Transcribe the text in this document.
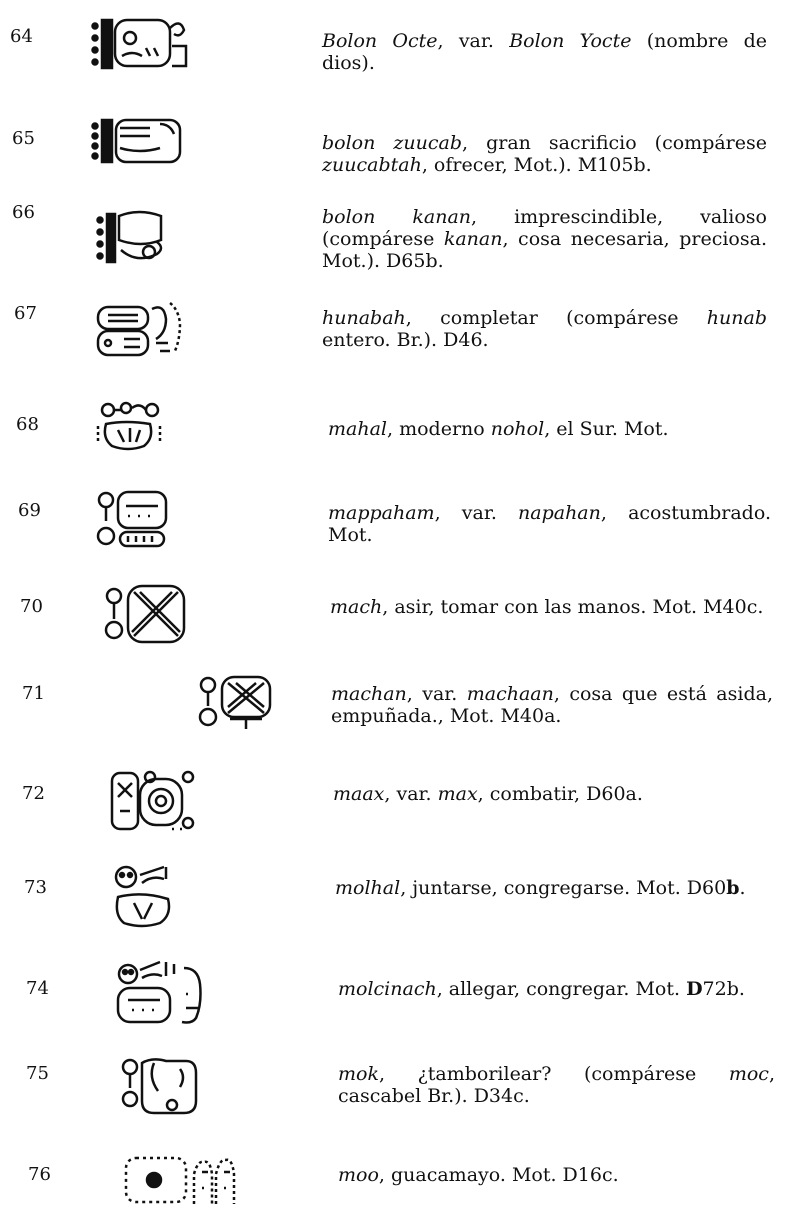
64	Bolon Octe, var. Bolon Yocte (nombre de dios).
65	bolon zuucab, gran sacrificio (compárese zuucabtah, ofrecer, Mot.). M105b.
66	bolon kanan, imprescindible, valioso (compárese kanan, cosa necesaria, preciosa. Mot.). D65b.
67	hunabah, completar (compárese hunab entero. Br.). D46.
68	mahal, moderno nohol, el Sur. Mot.
69	mappaham, var. napahan, acostumbrado. Mot.
70	mach, asir, tomar con las manos. Mot. M40c.
71	machan, var. machaan, cosa que está asida, empuñada., Mot. M40a.
72	maax, var. max, combatir, D60a.
73	molhal, juntarse, congregarse. Mot. D60b.
74	molcinach, allegar, congregar. Mot. D72b.
75	mok, ¿tamborilear? (compárese moc, cascabel Br.). D34c.
76	moo, guacamayo. Mot. D16c.
